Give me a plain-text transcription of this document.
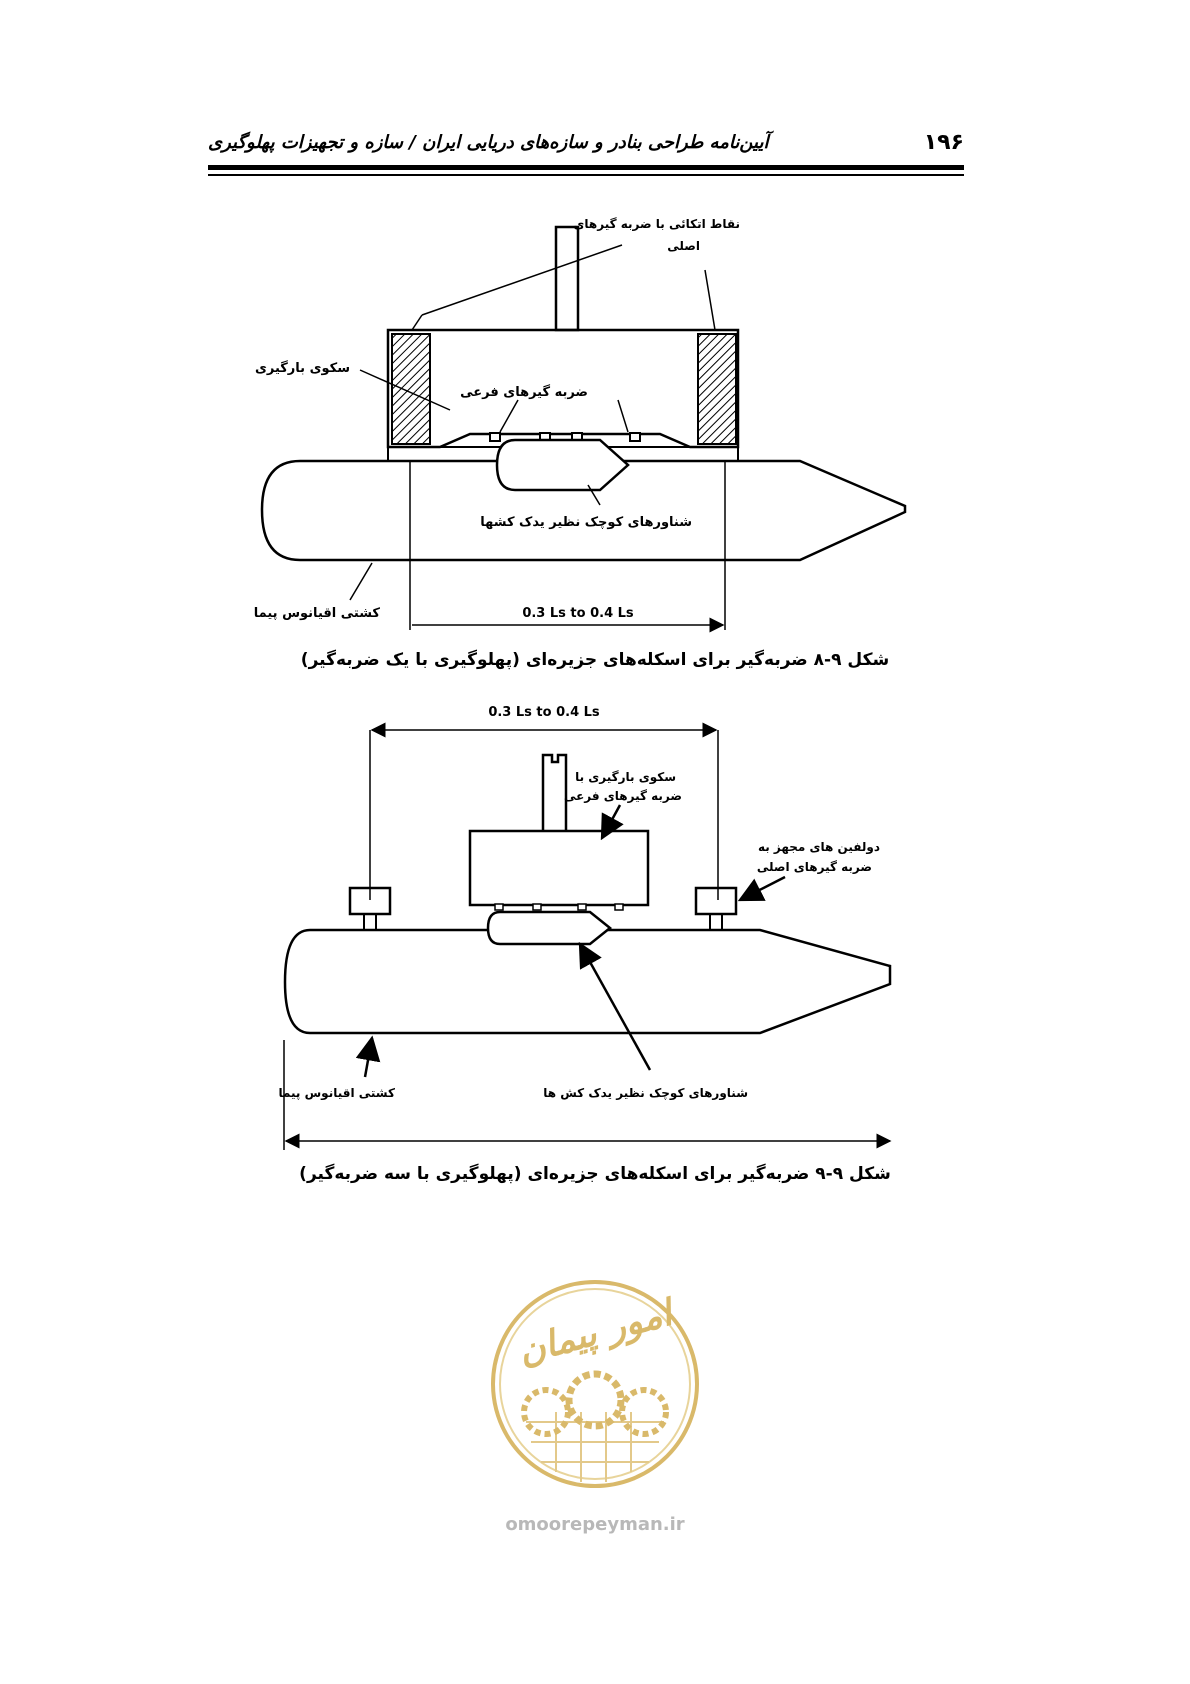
آیین‌نامه طراحی بنادر و سازه‌های دریایی ایران / سازه و تجهیزات پهلوگیری	۱۹۶
نقاط اتکائی با ضربه گیرهای
اصلی
سکوی بارگیری
ضربه گیرهای فرعی
شناورهای کوچک نظیر یدک کشها
کشتی اقیانوس پیما	0.3 Ls to 0.4 Ls
شکل ۹-۸ ضربه‌گیر برای اسکله‌های جزیره‌ای (پهلوگیری با یک ضربه‌گیر)
0.3 Ls to 0.4 Ls
سکوی بارگیری با
ضربه گیرهای فرعی
دولفین های مجهز به
ضربه گیرهای اصلی
کشتی اقیانوس پیما	شناورهای کوچک نظیر یدک کش ها
شکل ۹-۹ ضربه‌گیر برای اسکله‌های جزیره‌ای (پهلوگیری با سه ضربه‌گیر)
امور پیمان
omoorepeyman.ir
